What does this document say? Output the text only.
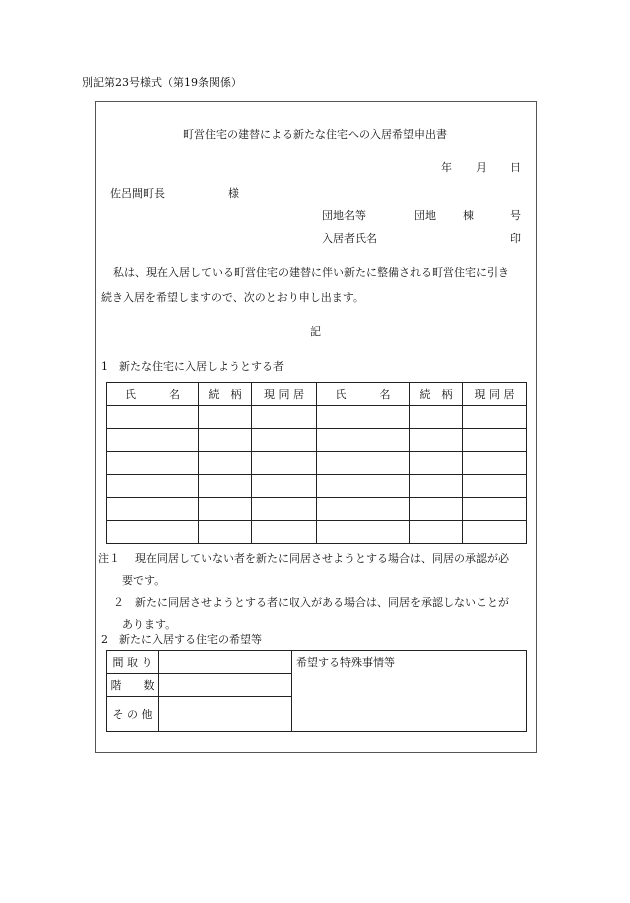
別記第23号様式（第19条関係）
町営住宅の建替による新たな住宅への入居希望申出書
年 月 日
佐呂間町長	様
団地名等	団地 棟	号
入居者氏名	印
私は、現在入居している町営住宅の建替に伴い新たに整備される町営住宅に引き
続き入居を希望しますので、次のとおり申し出ます。
記
1　新たな住宅に入居しようとする者
氏　　　名	続　柄	現 同 居	氏　　　名	続　柄	現 同 居

注１ 現在同居していない者を新たに同居させようとする場合は、同居の承認が必
要です。
２ 新たに同居させようとする者に収入がある場合は、同居を承認しないことが
あります。
2　新たに入居する住宅の希望等
間 取 り		希望する特殊事情等
階　　数		
そ の 他		
